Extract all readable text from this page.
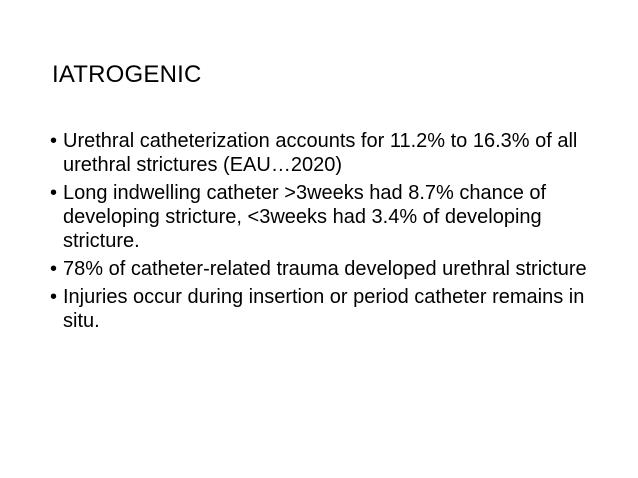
IATROGENIC
• Urethral catheterization accounts for 11.2% to 16.3% of all urethral strictures (EAU…2020)
• Long indwelling catheter >3weeks had 8.7% chance of developing stricture, <3weeks had 3.4% of developing stricture.
• 78% of catheter-related trauma developed urethral stricture
• Injuries occur during insertion or period catheter remains in situ.
